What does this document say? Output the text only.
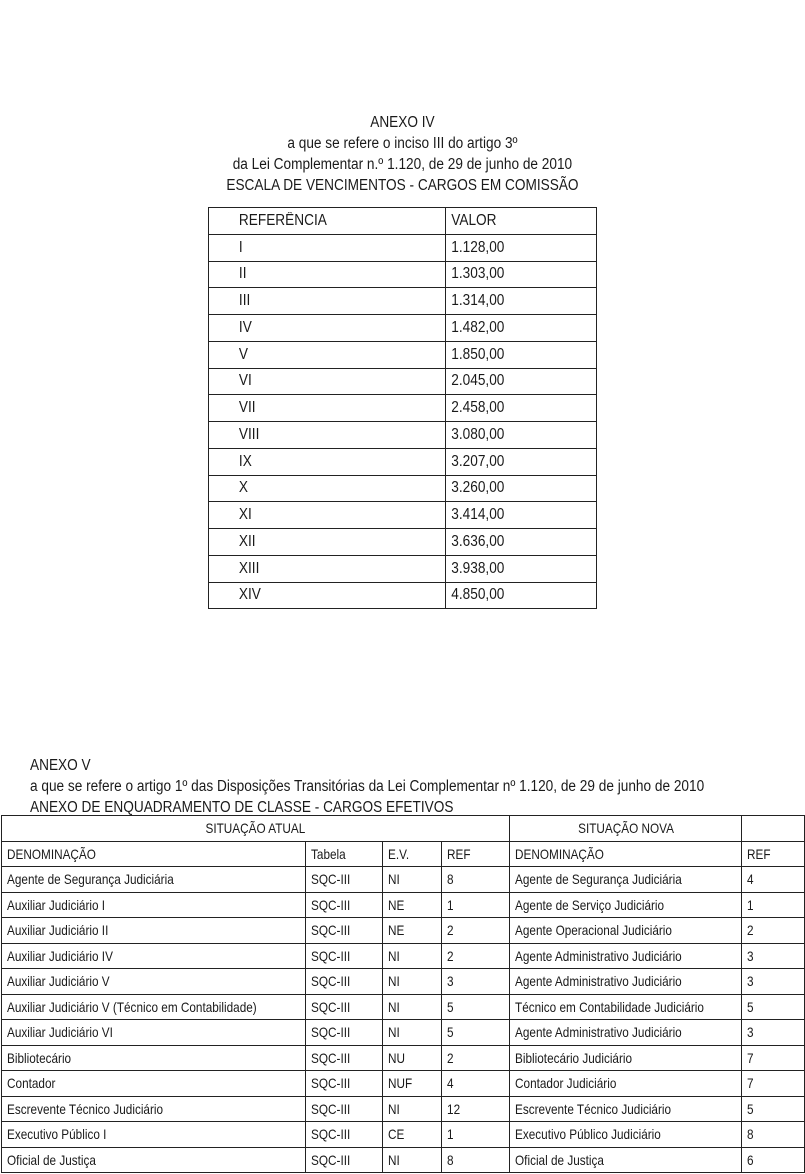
ANEXO IV
a que se refere o inciso III do artigo 3º
da Lei Complementar n.º 1.120, de 29 de junho de 2010
ESCALA DE VENCIMENTOS - CARGOS EM COMISSÃO
REFERÊNCIA	VALOR
I	1.128,00
II	1.303,00
III	1.314,00
IV	1.482,00
V	1.850,00
VI	2.045,00
VII	2.458,00
VIII	3.080,00
IX	3.207,00
X	3.260,00
XI	3.414,00
XII	3.636,00
XIII	3.938,00
XIV	4.850,00
ANEXO V
a que se refere o artigo 1º das Disposições Transitórias da Lei Complementar nº 1.120, de 29 de junho de 2010
ANEXO DE ENQUADRAMENTO DE CLASSE - CARGOS EFETIVOS
SITUAÇÃO ATUAL				SITUAÇÃO NOVA	
DENOMINAÇÃO	Tabela	E.V.	REF	DENOMINAÇÃO	REF
Agente de Segurança Judiciária	SQC-III	NI	8	Agente de Segurança Judiciária	4
Auxiliar Judiciário I	SQC-III	NE	1	Agente de Serviço Judiciário	1
Auxiliar Judiciário II	SQC-III	NE	2	Agente Operacional Judiciário	2
Auxiliar Judiciário IV	SQC-III	NI	2	Agente Administrativo Judiciário	3
Auxiliar Judiciário V	SQC-III	NI	3	Agente Administrativo Judiciário	3
Auxiliar Judiciário V (Técnico em Contabilidade)	SQC-III	NI	5	Técnico em Contabilidade Judiciário	5
Auxiliar Judiciário VI	SQC-III	NI	5	Agente Administrativo Judiciário	3
Bibliotecário	SQC-III	NU	2	Bibliotecário Judiciário	7
Contador	SQC-III	NUF	4	Contador Judiciário	7
Escrevente Técnico Judiciário	SQC-III	NI	12	Escrevente Técnico Judiciário	5
Executivo Público I	SQC-III	CE	1	Executivo Público Judiciário	8
Oficial de Justiça	SQC-III	NI	8	Oficial de Justiça	6
